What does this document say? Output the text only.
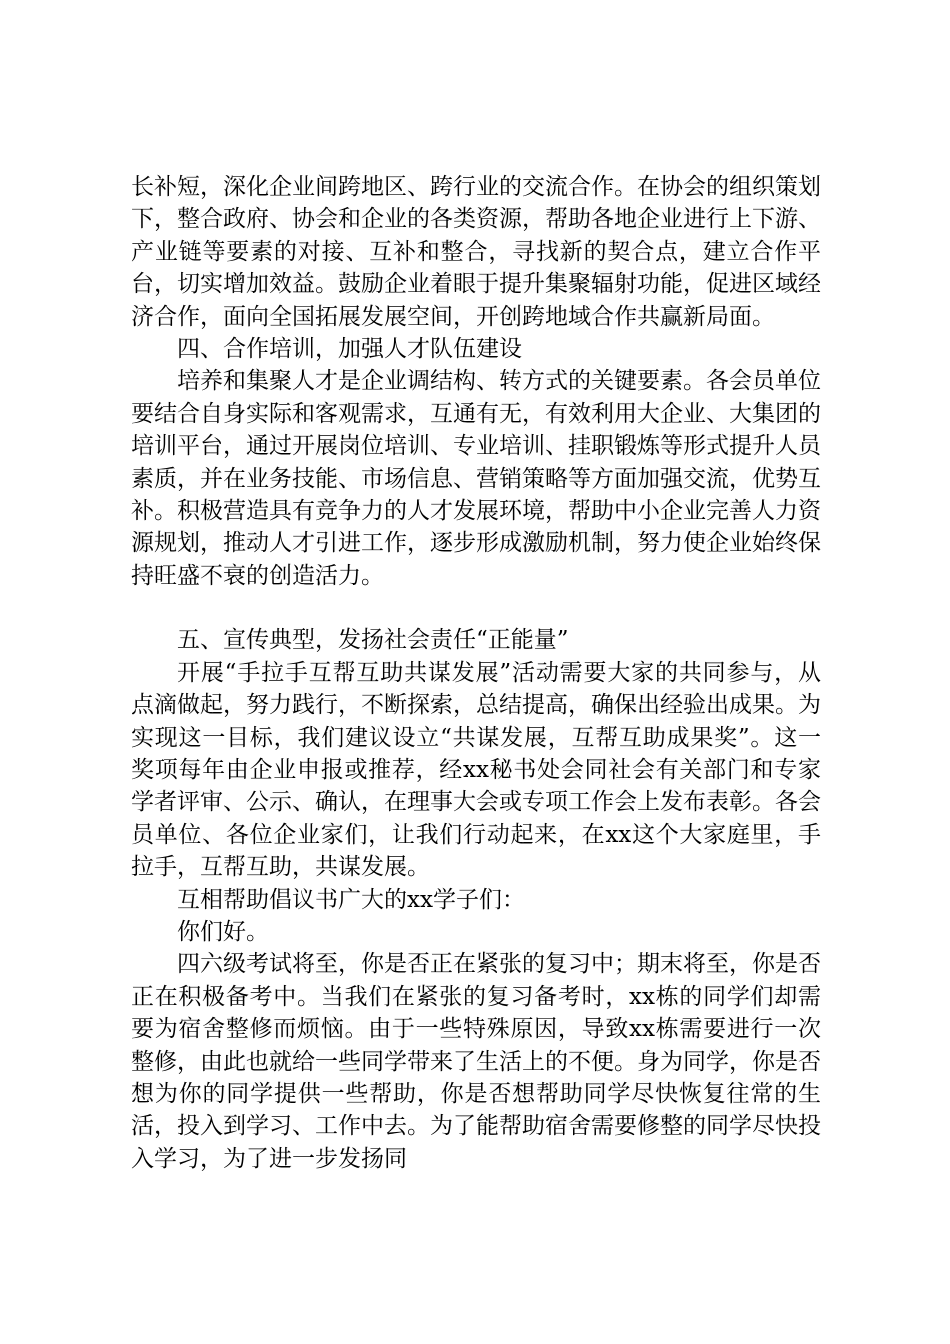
长补短，深化企业间跨地区、跨行业的交流合作。在协会的组织策划下，整合政府、协会和企业的各类资源，帮助各地企业进行上下游、产业链等要素的对接、互补和整合，寻找新的契合点，建立合作平台，切实增加效益。鼓励企业着眼于提升集聚辐射功能，促进区域经济合作，面向全国拓展发展空间，开创跨地域合作共赢新局面。

四、合作培训，加强人才队伍建设

培养和集聚人才是企业调结构、转方式的关键要素。各会员单位要结合自身实际和客观需求，互通有无，有效利用大企业、大集团的培训平台，通过开展岗位培训、专业培训、挂职锻炼等形式提升人员素质，并在业务技能、市场信息、营销策略等方面加强交流，优势互补。积极营造具有竞争力的人才发展环境，帮助中小企业完善人力资源规划，推动人才引进工作，逐步形成激励机制，努力使企业始终保持旺盛不衰的创造活力。

五、宣传典型，发扬社会责任“正能量”

开展“手拉手互帮互助共谋发展”活动需要大家的共同参与，从点滴做起，努力践行，不断探索，总结提高，确保出经验出成果。为实现这一目标，我们建议设立“共谋发展，互帮互助成果奖”。这一奖项每年由企业申报或推荐，经xx秘书处会同社会有关部门和专家学者评审、公示、确认，在理事大会或专项工作会上发布表彰。各会员单位、各位企业家们，让我们行动起来，在xx这个大家庭里，手拉手，互帮互助，共谋发展。

互相帮助倡议书广大的xx学子们：

你们好。

四六级考试将至，你是否正在紧张的复习中；期末将至，你是否正在积极备考中。当我们在紧张的复习备考时，xx栋的同学们却需要为宿舍整修而烦恼。由于一些特殊原因，导致xx栋需要进行一次整修，由此也就给一些同学带来了生活上的不便。身为同学，你是否想为你的同学提供一些帮助，你是否想帮助同学尽快恢复往常的生活，投入到学习、工作中去。为了能帮助宿舍需要修整的同学尽快投入学习，为了进一步发扬同
